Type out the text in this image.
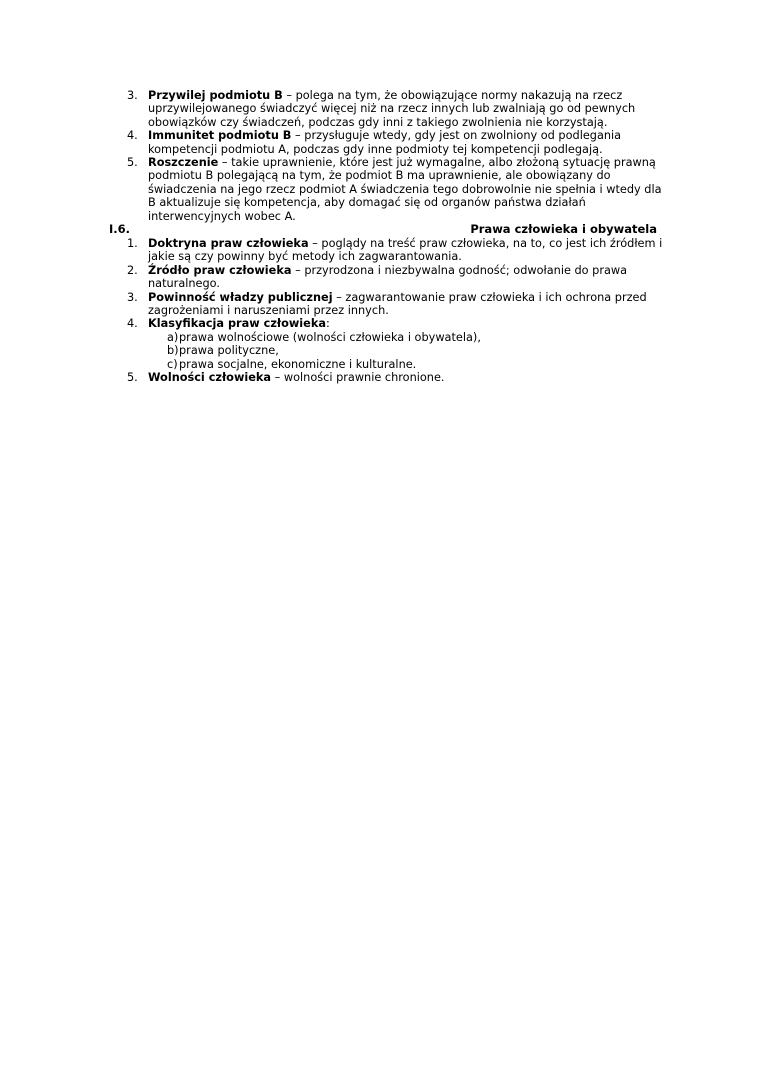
3. Przywilej podmiotu B – polega na tym, że obowiązujące normy nakazują na rzecz uprzywilejowanego świadczyć więcej niż na rzecz innych lub zwalniają go od pewnych obowiązków czy świadczeń, podczas gdy inni z takiego zwolnienia nie korzystają.
4. Immunitet podmiotu B – przysługuje wtedy, gdy jest on zwolniony od podlegania kompetencji podmiotu A, podczas gdy inne podmioty tej kompetencji podlegają.
5. Roszczenie – takie uprawnienie, które jest już wymagalne, albo złożoną sytuację prawną podmiotu B polegającą na tym, że podmiot B ma uprawnienie, ale obowiązany do świadczenia na jego rzecz podmiot A świadczenia tego dobrowolnie nie spełnia i wtedy dla B aktualizuje się kompetencja, aby domagać się od organów państwa działań interwencyjnych wobec A.
I.6.	Prawa człowieka i obywatela
1. Doktryna praw człowieka – poglądy na treść praw człowieka, na to, co jest ich źródłem i jakie są czy powinny być metody ich zagwarantowania.
2. Źródło praw człowieka – przyrodzona i niezbywalna godność; odwołanie do prawa naturalnego.
3. Powinność władzy publicznej – zagwarantowanie praw człowieka i ich ochrona przed zagrożeniami i naruszeniami przez innych.
4. Klasyfikacja praw człowieka:
a) prawa wolnościowe (wolności człowieka i obywatela),
b) prawa polityczne,
c) prawa socjalne, ekonomiczne i kulturalne.
5. Wolności człowieka – wolności prawnie chronione.
